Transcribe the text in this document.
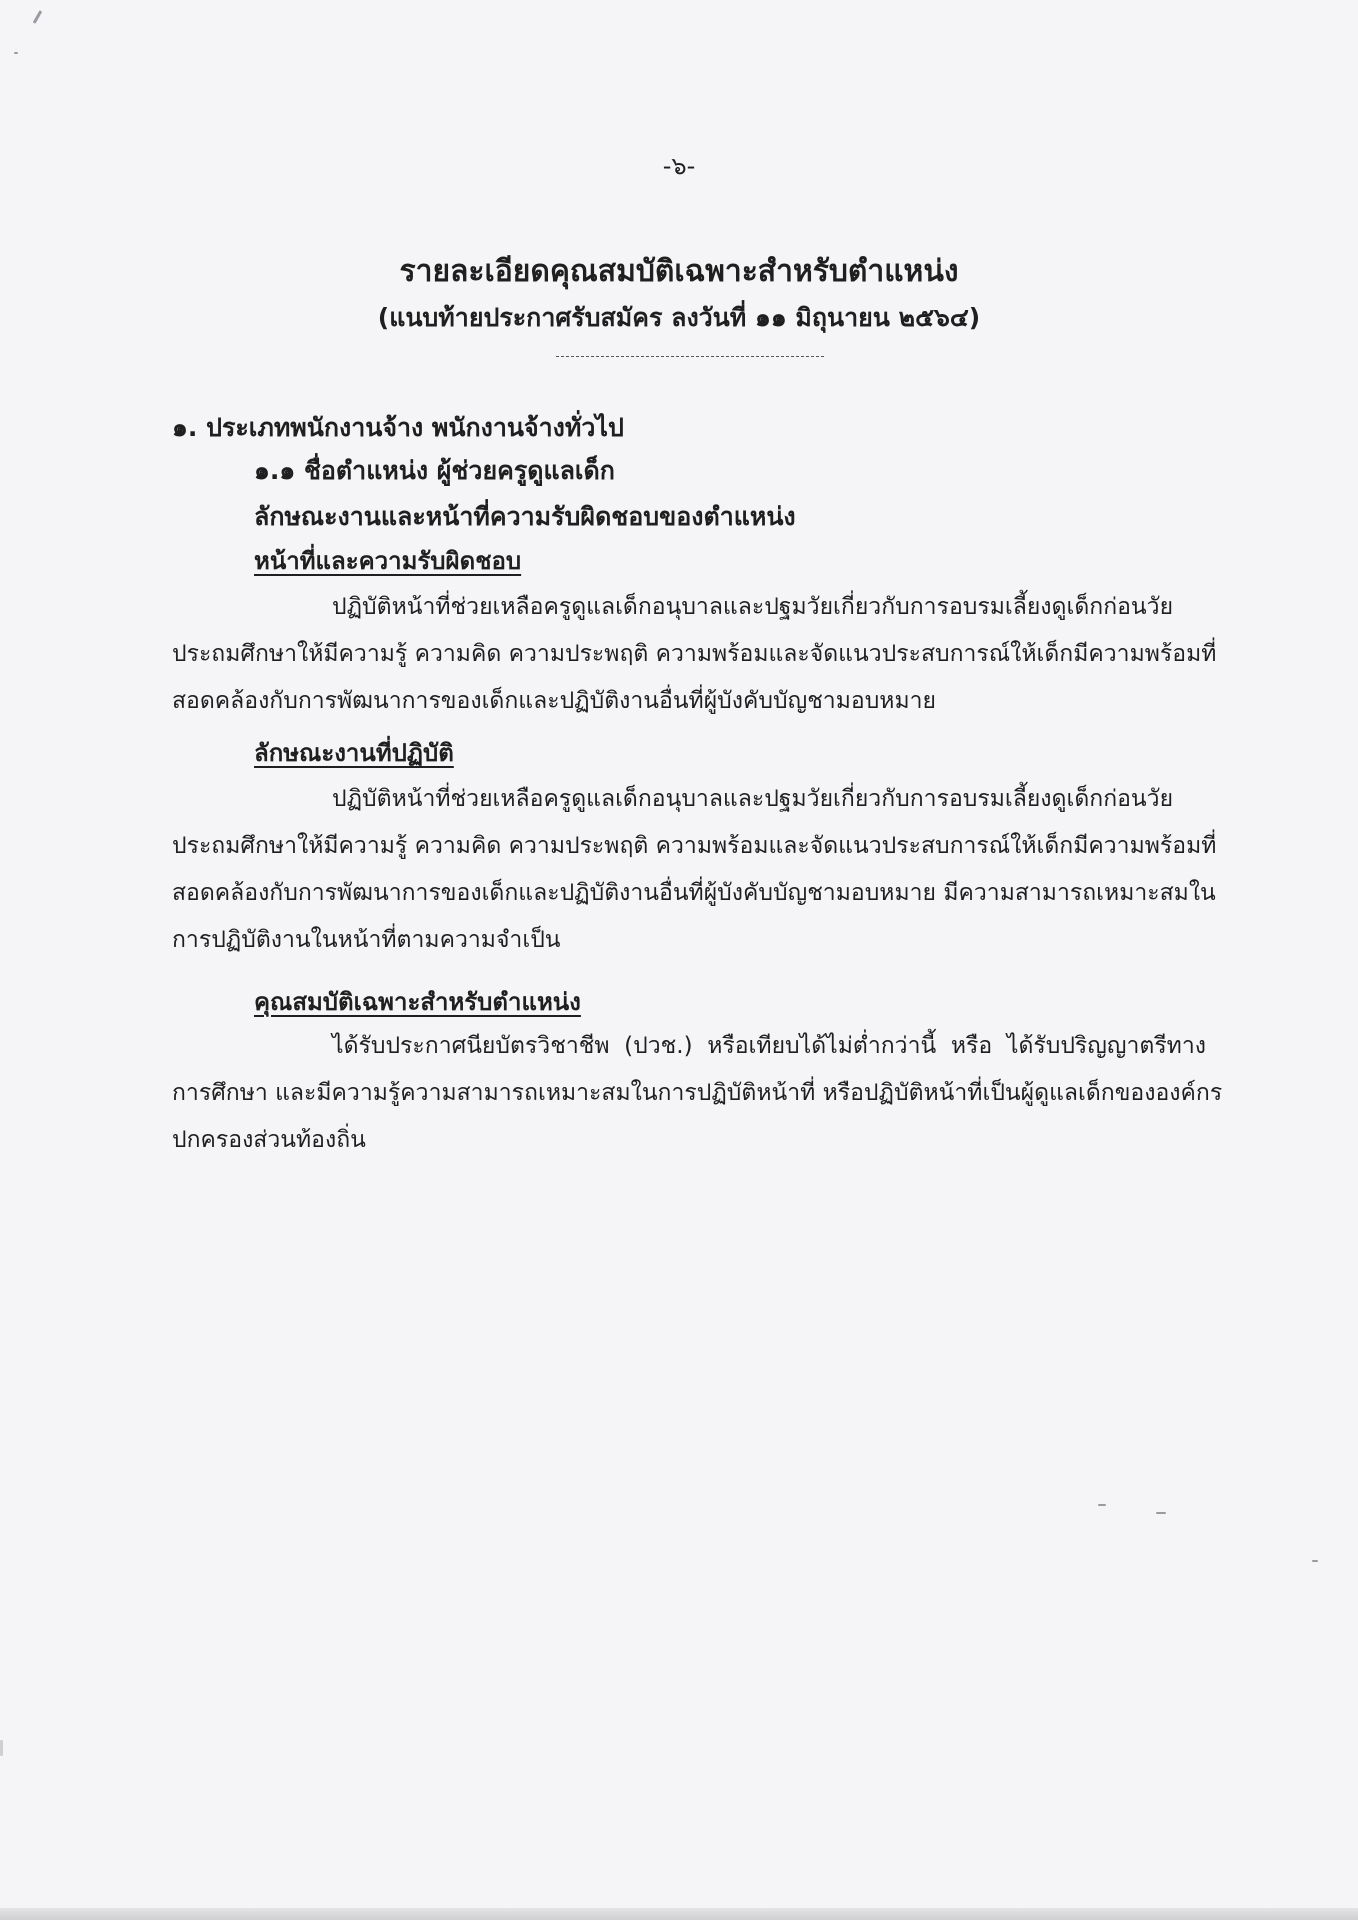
-๖-
รายละเอียดคุณสมบัติเฉพาะสำหรับตำแหน่ง
(แนบท้ายประกาศรับสมัคร ลงวันที่ ๑๑ มิถุนายน ๒๕๖๔)
๑. ประเภทพนักงานจ้าง พนักงานจ้างทั่วไป
๑.๑ ชื่อตำแหน่ง ผู้ช่วยครูดูแลเด็ก
ลักษณะงานและหน้าที่ความรับผิดชอบของตำแหน่ง
หน้าที่และความรับผิดชอบ
ปฏิบัติหน้าที่ช่วยเหลือครูดูแลเด็กอนุบาลและปฐมวัยเกี่ยวกับการอบรมเลี้ยงดูเด็กก่อนวัย
ประถมศึกษาให้มีความรู้ ความคิด ความประพฤติ ความพร้อมและจัดแนวประสบการณ์ให้เด็กมีความพร้อมที่
สอดคล้องกับการพัฒนาการของเด็กและปฏิบัติงานอื่นที่ผู้บังคับบัญชามอบหมาย
ลักษณะงานที่ปฏิบัติ
ปฏิบัติหน้าที่ช่วยเหลือครูดูแลเด็กอนุบาลและปฐมวัยเกี่ยวกับการอบรมเลี้ยงดูเด็กก่อนวัย
ประถมศึกษาให้มีความรู้ ความคิด ความประพฤติ ความพร้อมและจัดแนวประสบการณ์ให้เด็กมีความพร้อมที่
สอดคล้องกับการพัฒนาการของเด็กและปฏิบัติงานอื่นที่ผู้บังคับบัญชามอบหมาย มีความสามารถเหมาะสมใน
การปฏิบัติงานในหน้าที่ตามความจำเป็น
คุณสมบัติเฉพาะสำหรับตำแหน่ง
ได้รับประกาศนียบัตรวิชาชีพ (ปวช.) หรือเทียบได้ไม่ต่ำกว่านี้ หรือ ได้รับปริญญาตรีทาง
การศึกษา และมีความรู้ความสามารถเหมาะสมในการปฏิบัติหน้าที่ หรือปฏิบัติหน้าที่เป็นผู้ดูแลเด็กขององค์กร
ปกครองส่วนท้องถิ่น
